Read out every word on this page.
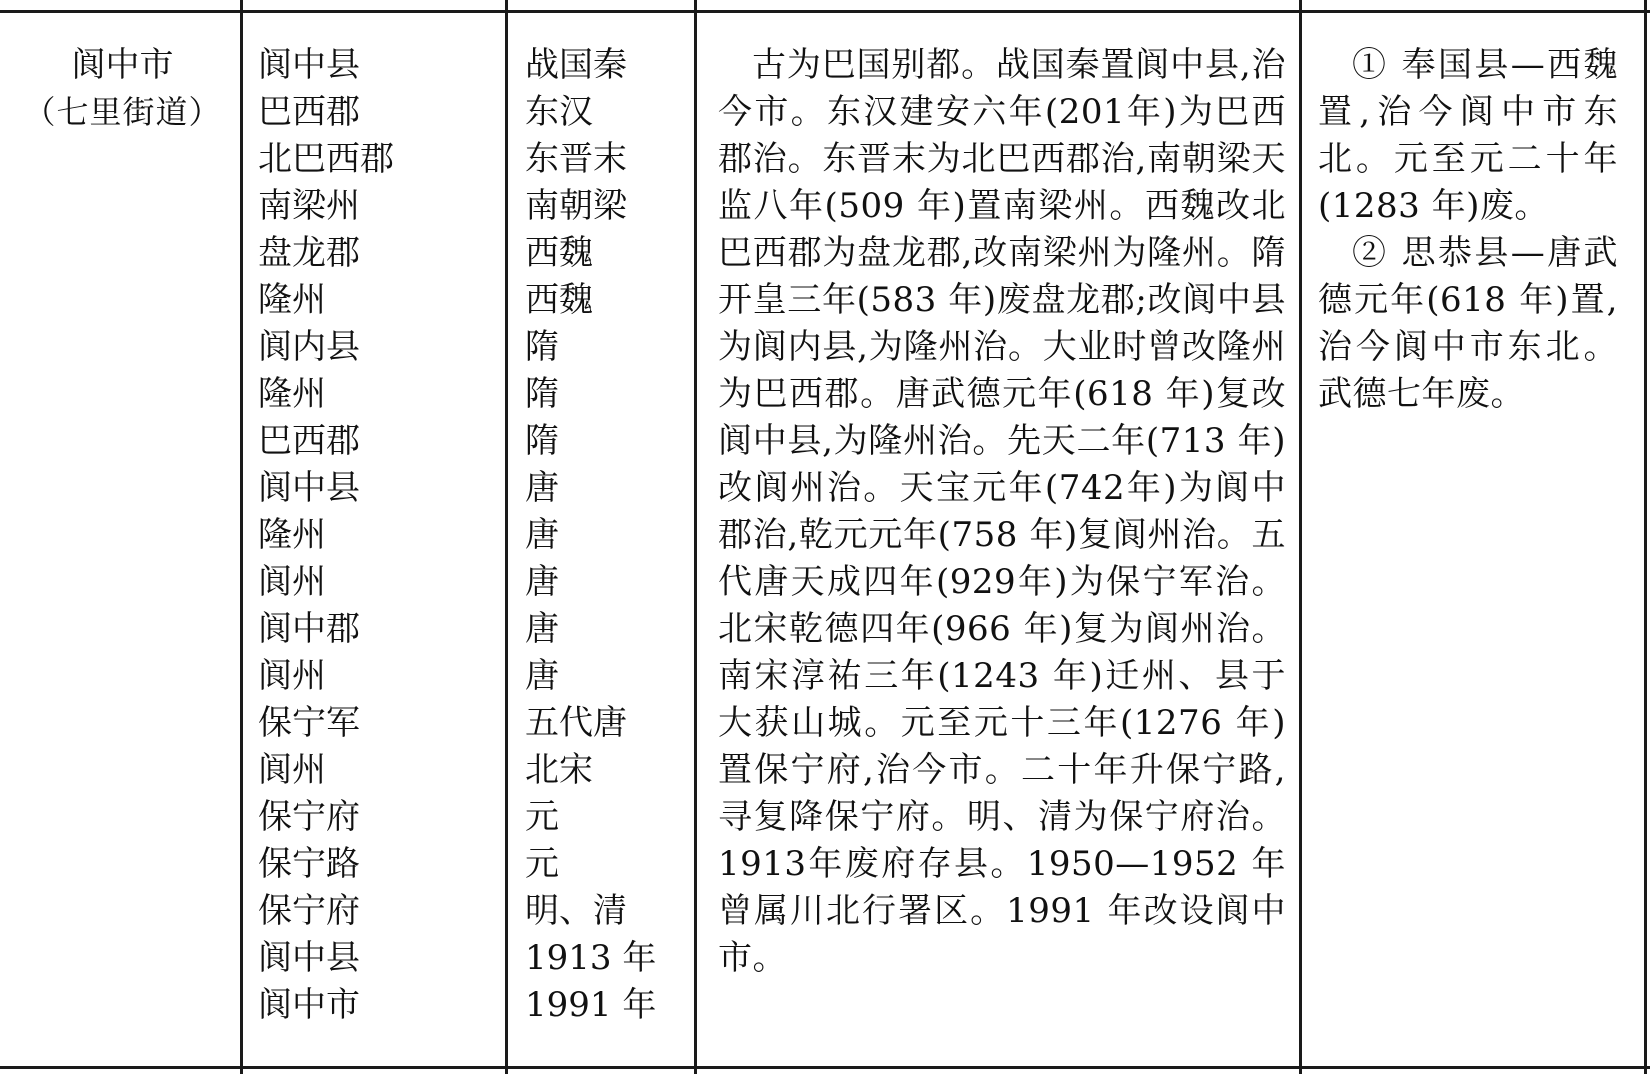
阆中市
（七里街道）
阆中县
巴西郡
北巴西郡
南梁州
盘龙郡
隆州
阆内县
隆州
巴西郡
阆中县
隆州
阆州
阆中郡
阆州
保宁军
阆州
保宁府
保宁路
保宁府
阆中县
阆中市
战国秦
东汉
东晋末
南朝梁
西魏
西魏
隋
隋
隋
唐
唐
唐
唐
唐
五代唐
北宋
元
元
明、清
1913 年
1991 年
古为巴国别都。战国秦置阆中县,治今市。东汉建安六年(201年)为巴西郡治。东晋末为北巴西郡治,南朝梁天监八年(509 年)置南梁州。西魏改北巴西郡为盘龙郡,改南梁州为隆州。隋开皇三年(583 年)废盘龙郡;改阆中县为阆内县,为隆州治。大业时曾改隆州为巴西郡。唐武德元年(618 年)复改阆中县,为隆州治。先天二年(713 年)改阆州治。天宝元年(742年)为阆中郡治,乾元元年(758 年)复阆州治。五代唐天成四年(929年)为保宁军治。北宋乾德四年(966 年)复为阆州治。南宋淳祐三年(1243 年)迁州、县于大获山城。元至元十三年(1276 年)置保宁府,治今市。二十年升保宁路,寻复降保宁府。明、清为保宁府治。1913年废府存县。1950—1952 年曾属川北行署区。1991 年改设阆中市。
① 奉国县—西魏置,治今阆中市东北。元至元二十年(1283 年)废。
② 思恭县—唐武德元年(618 年)置,治今阆中市东北。武德七年废。
